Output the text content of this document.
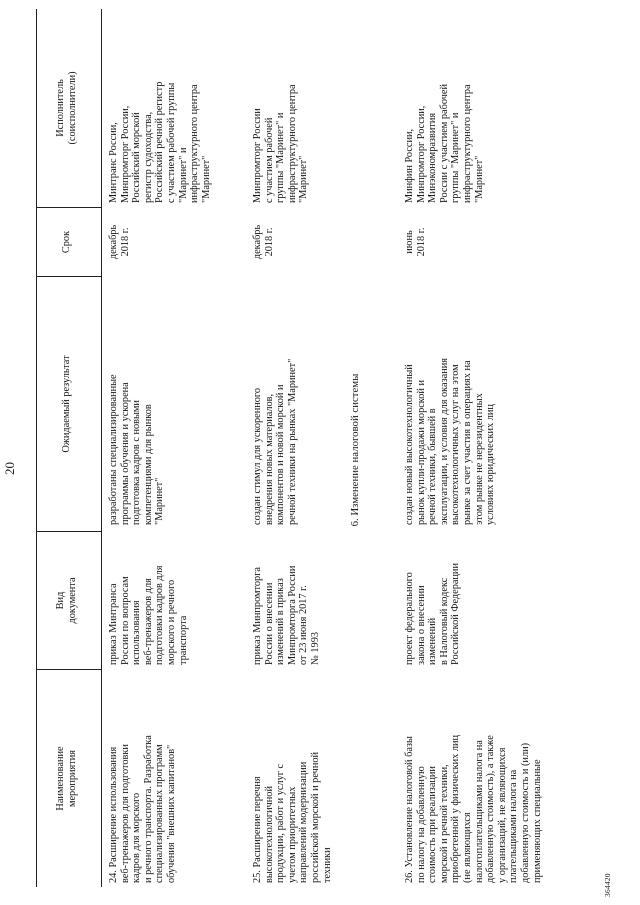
20
Наименование мероприятия
Вид документа
Ожидаемый результат
Срок
Исполнитель (соисполнители)
24. Расширение использования веб-тренажеров для подготовки кадров для морского и речного транспорта. Разработка специализированных программ обучения "внешних капитанов"
приказ Минтранса России по вопросам использования веб-тренажеров для подготовки кадров для морского и речного транспорта
разработаны специализированные программы обучения и ускорена подготовка кадров с новыми компетенциями для рынков "Маринет"
декабрь 2018 г.
Минтранс России, Минпромторг России, Российский морской регистр судоходства, Российский речной регистр с участием рабочей группы "Маринет" и инфраструктурного центра "Маринет"
25. Расширение перечня высокотехнологичной продукции, работ и услуг с учетом приоритетных направлений модернизации российской морской и речной техники
приказ Минпромторга России о внесении изменений в приказ Минпромторга России от 23 июня 2017 г. № 1993
создан стимул для ускоренного внедрения новых материалов, компонентов и новой морской и речной техники на рынках "Маринет"
декабрь 2018 г.
Минпромторг России с участием рабочей группы "Маринет" и инфраструктурного центра "Маринет"
6. Изменение налоговой системы
26. Установление налоговой базы по налогу на добавленную стоимость при реализации морской и речной техники, приобретенной у физических лиц (не являющихся налогоплательщиками налога на добавленную стоимость), а также у организаций, не являющихся плательщиками налога на добавленную стоимость и (или) применяющих специальные
проект федерального закона о внесении изменений в Налоговый кодекс Российской Федерации
создан новый высокотехнологичный рынок купли-продажи морской и речной техники, бывшей в эксплуатации, и условия для оказания высокотехнологичных услуг на этом рынке за счет участия в операциях на этом рынке не нерезидентных условиях юридических лиц
июнь 2018 г.
Минфин России, Минпромторг России, Минэкономразвития России с участием рабочей группы "Маринет" и инфраструктурного центра "Маринет"
364420
